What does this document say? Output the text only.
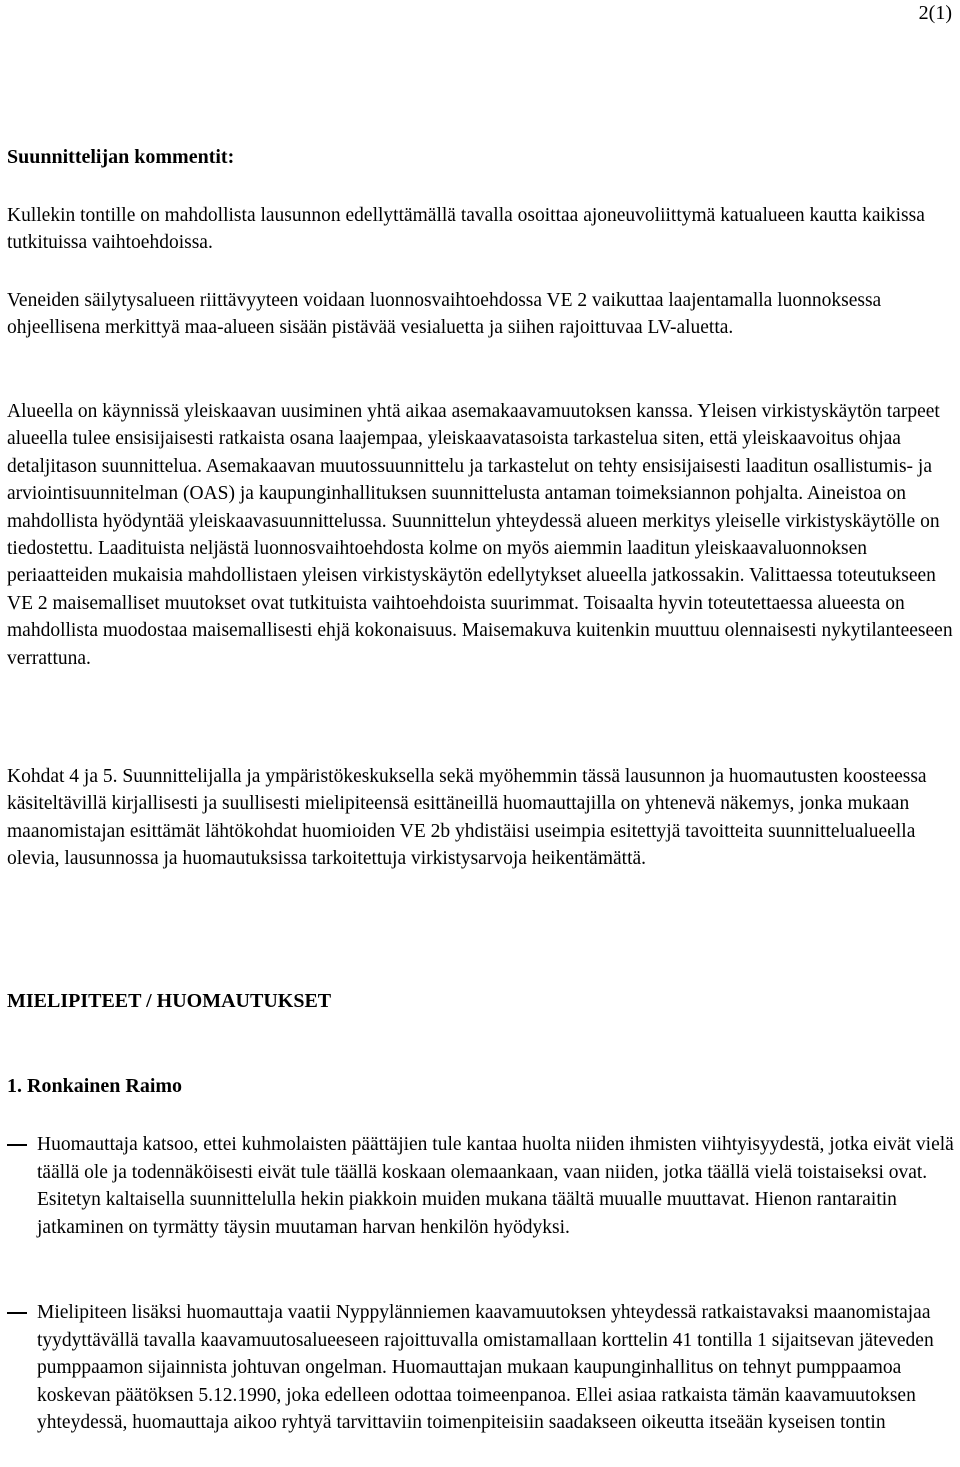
2(1)

Suunnittelijan kommentit:

Kullekin tontille on mahdollista lausunnon edellyttämällä tavalla osoittaa ajoneuvoliittymä katualueen kautta kaikissa tutkituissa vaihtoehdoissa.

Veneiden säilytysalueen riittävyyteen voidaan luonnosvaihtoehdossa VE 2 vaikuttaa laajentamalla luonnoksessa ohjeellisena merkittyä maa-alueen sisään pistävää vesialuetta ja siihen rajoittuvaa LV-aluetta.

Alueella on käynnissä yleiskaavan uusiminen yhtä aikaa asemakaavamuutoksen kanssa. Yleisen virkistyskäytön tarpeet alueella tulee ensisijaisesti ratkaista osana laajempaa, yleiskaavatasoista tarkastelua siten, että yleiskaavoitus ohjaa detaljitason suunnittelua. Asemakaavan muutossuunnittelu ja tarkastelut on tehty ensisijaisesti laaditun osallistumis- ja arviointisuunnitelman (OAS) ja kaupunginhallituksen suunnittelusta antaman toimeksiannon pohjalta. Aineistoa on mahdollista hyödyntää yleiskaavasuunnittelussa. Suunnittelun yhteydessä alueen merkitys yleiselle virkistyskäytölle on tiedostettu. Laadituista neljästä luonnosvaihtoehdosta kolme on myös aiemmin laaditun yleiskaavaluonnoksen periaatteiden mukaisia mahdollistaen yleisen virkistyskäytön edellytykset alueella jatkossakin. Valittaessa toteutukseen VE 2 maisemalliset muutokset ovat tutkituista vaihtoehdoista suurimmat. Toisaalta hyvin toteutettaessa alueesta on mahdollista muodostaa maisemallisesti ehjä kokonaisuus. Maisemakuva kuitenkin muuttuu olennaisesti nykytilanteeseen verrattuna.

Kohdat 4 ja 5. Suunnittelijalla ja ympäristökeskuksella sekä myöhemmin tässä lausunnon ja huomautusten koosteessa käsiteltävillä kirjallisesti ja suullisesti mielipiteensä esittäneillä huomauttajilla on yhtenevä näkemys, jonka mukaan maanomistajan esittämät lähtökohdat huomioiden VE 2b yhdistäisi useimpia esitettyjä tavoitteita suunnittelualueella olevia, lausunnossa ja huomautuksissa tarkoitettuja virkistysarvoja heikentämättä.

MIELIPITEET / HUOMAUTUKSET

1. Ronkainen Raimo

Huomauttaja katsoo, ettei kuhmolaisten päättäjien tule kantaa huolta niiden ihmisten viihtyisyydestä, jotka eivät vielä täällä ole ja todennäköisesti eivät tule täällä koskaan olemaankaan, vaan niiden, jotka täällä vielä toistaiseksi ovat. Esitetyn kaltaisella suunnittelulla hekin piakkoin muiden mukana täältä muualle muuttavat. Hienon rantaraitin jatkaminen on tyrmätty täysin muutaman harvan henkilön hyödyksi.

Mielipiteen lisäksi huomauttaja vaatii Nyppylänniemen kaavamuutoksen yhteydessä ratkaistavaksi maanomistajaa tyydyttävällä tavalla kaavamuutosalueeseen rajoittuvalla omistamallaan korttelin 41 tontilla 1 sijaitsevan jäteveden pumppaamon sijainnista johtuvan ongelman. Huomauttajan mukaan kaupunginhallitus on tehnyt pumppaamoa koskevan päätöksen 5.12.1990, joka edelleen odottaa toimeenpanoa. Ellei asiaa ratkaista tämän kaavamuutoksen yhteydessä, huomauttaja aikoo ryhtyä tarvittaviin toimenpiteisiin saadakseen oikeutta itseään kyseisen tontin
